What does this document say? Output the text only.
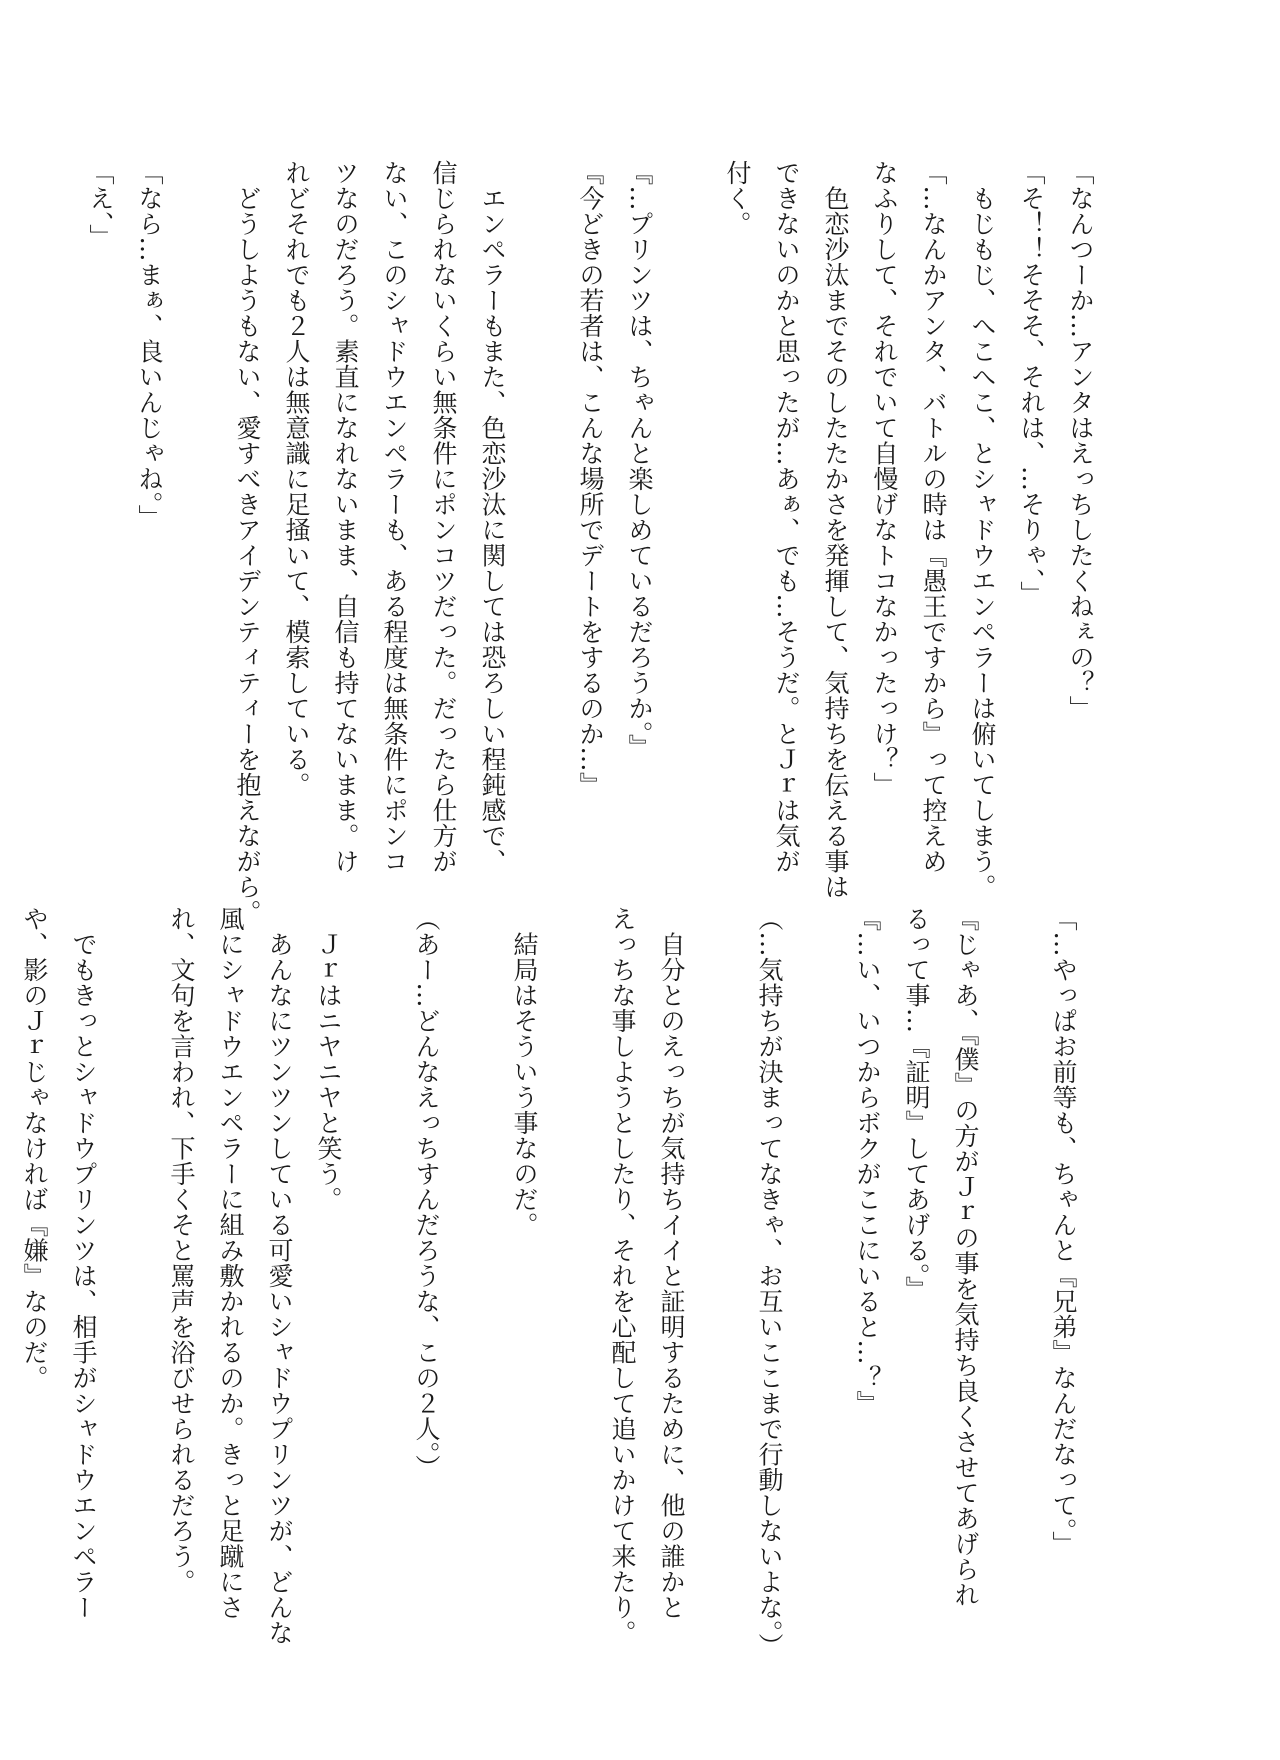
「なんつーか…アンタはえっちしたくねぇの？」

「そ！！そそそ、それは、…そりゃ、」

　もじもじ、へこへこ、とシャドウエンペラーは俯いてしまう。

「…なんかアンタ、バトルの時は『愚王ですから』って控えめ

なふりして、それでいて自慢げなトコなかったっけ？」

　色恋沙汰までそのしたたかさを発揮して、気持ちを伝える事は

できないのかと思ったが…あぁ、でも…そうだ。とＪｒは気が

付く。

『…プリンツは、ちゃんと楽しめているだろうか。』

『今どきの若者は、こんな場所でデートをするのか…』

　エンペラーもまた、色恋沙汰に関しては恐ろしい程鈍感で、

信じられないくらい無条件にポンコツだった。だったら仕方が

ない、このシャドウエンペラーも、ある程度は無条件にポンコ

ツなのだろう。素直になれないまま、自信も持てないまま。け

れどそれでも２人は無意識に足掻いて、模索している。

　どうしようもない、愛すべきアイデンティティーを抱えながら。

「なら…まぁ、良いんじゃね。」

「え、」

「…やっぱお前等も、ちゃんと『兄弟』なんだなって。」

『じゃあ、『僕』の方がＪｒの事を気持ち良くさせてあげられ

るって事…『証明』してあげる。』

『…い、いつからボクがここにいると…？』

（…気持ちが決まってなきゃ、お互いここまで行動しないよな。）

　自分とのえっちが気持ちイイと証明するために、他の誰かと

えっちな事しようとしたり、それを心配して追いかけて来たり。

　結局はそういう事なのだ。

（あー…どんなえっちすんだろうな、この２人。）

　Ｊｒはニヤニヤと笑う。

　あんなにツンツンしている可愛いシャドウプリンツが、どんな

風にシャドウエンペラーに組み敷かれるのか。きっと足蹴にさ

れ、文句を言われ、下手くそと罵声を浴びせられるだろう。

　でもきっとシャドウプリンツは、相手がシャドウエンペラー

や、影のＪｒじゃなければ『嫌』なのだ。
